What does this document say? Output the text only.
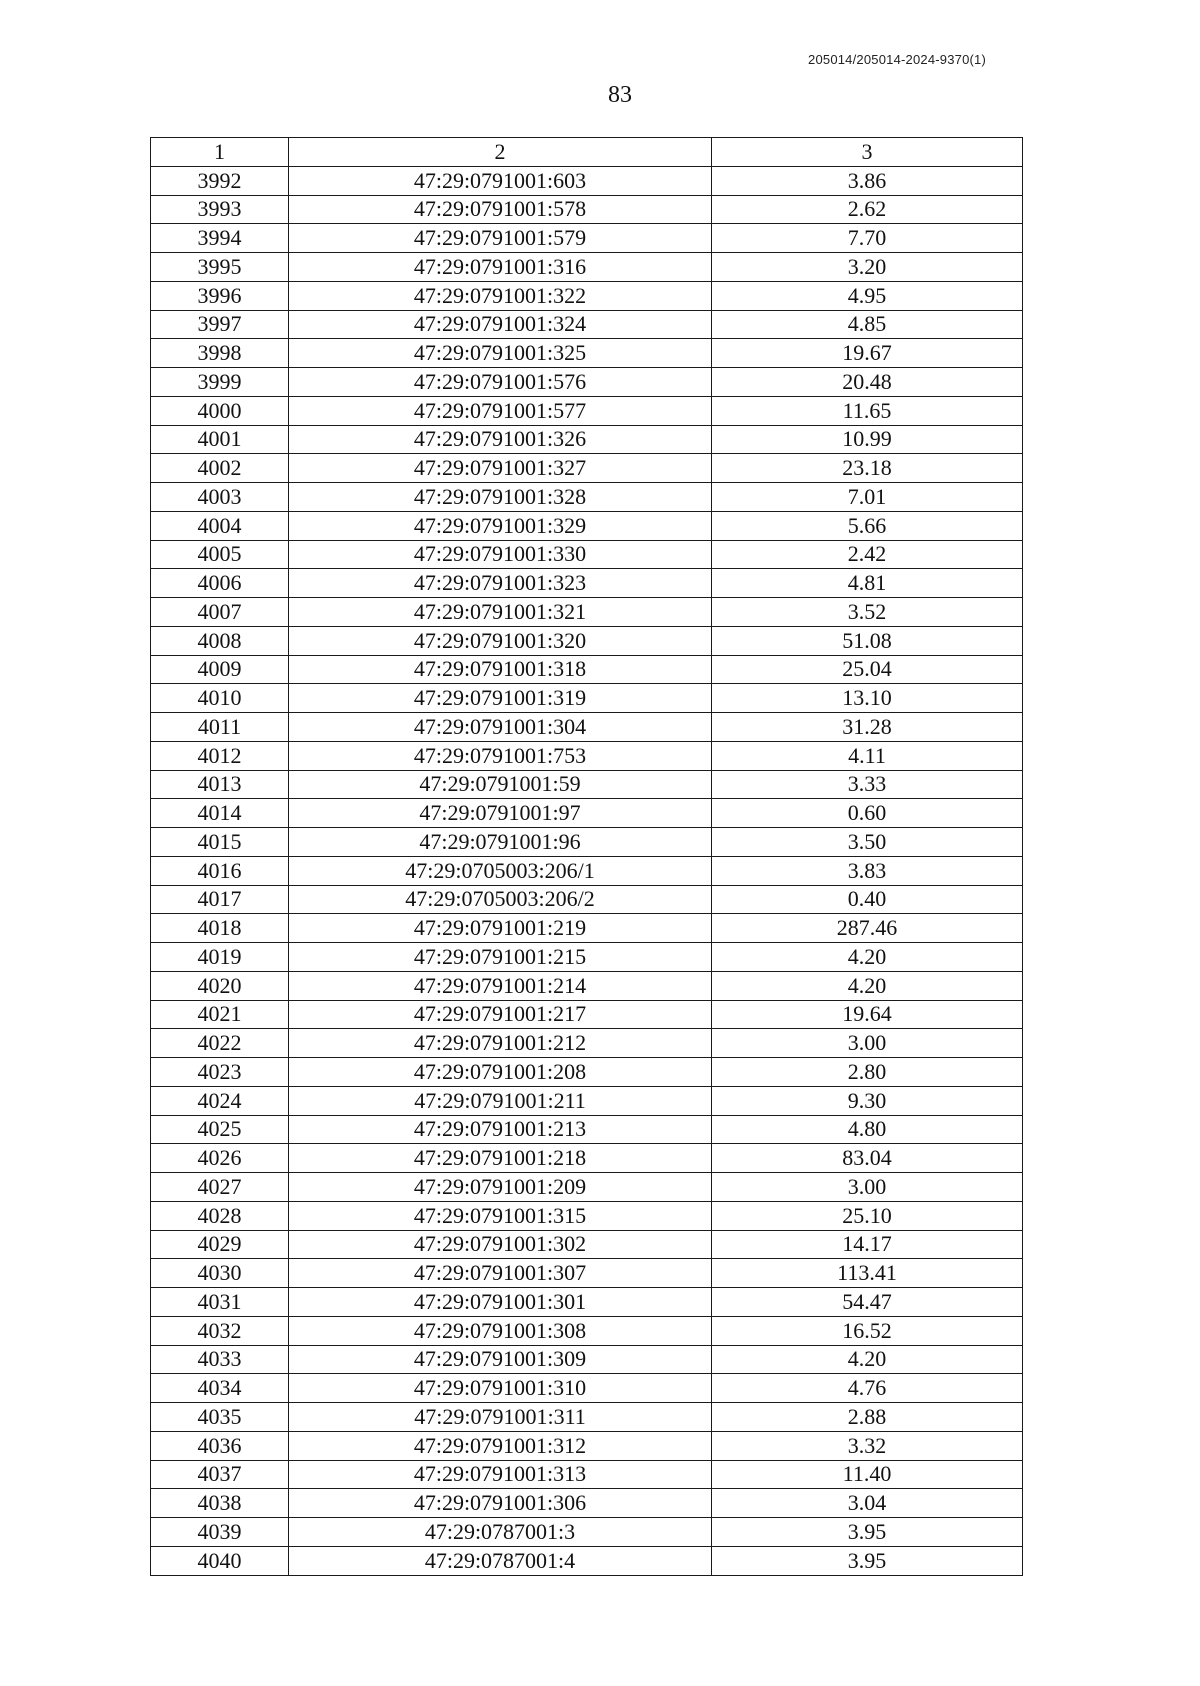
205014/205014-2024-9370(1)
83
1	2	3
3992	47:29:0791001:603	3.86
3993	47:29:0791001:578	2.62
3994	47:29:0791001:579	7.70
3995	47:29:0791001:316	3.20
3996	47:29:0791001:322	4.95
3997	47:29:0791001:324	4.85
3998	47:29:0791001:325	19.67
3999	47:29:0791001:576	20.48
4000	47:29:0791001:577	11.65
4001	47:29:0791001:326	10.99
4002	47:29:0791001:327	23.18
4003	47:29:0791001:328	7.01
4004	47:29:0791001:329	5.66
4005	47:29:0791001:330	2.42
4006	47:29:0791001:323	4.81
4007	47:29:0791001:321	3.52
4008	47:29:0791001:320	51.08
4009	47:29:0791001:318	25.04
4010	47:29:0791001:319	13.10
4011	47:29:0791001:304	31.28
4012	47:29:0791001:753	4.11
4013	47:29:0791001:59	3.33
4014	47:29:0791001:97	0.60
4015	47:29:0791001:96	3.50
4016	47:29:0705003:206/1	3.83
4017	47:29:0705003:206/2	0.40
4018	47:29:0791001:219	287.46
4019	47:29:0791001:215	4.20
4020	47:29:0791001:214	4.20
4021	47:29:0791001:217	19.64
4022	47:29:0791001:212	3.00
4023	47:29:0791001:208	2.80
4024	47:29:0791001:211	9.30
4025	47:29:0791001:213	4.80
4026	47:29:0791001:218	83.04
4027	47:29:0791001:209	3.00
4028	47:29:0791001:315	25.10
4029	47:29:0791001:302	14.17
4030	47:29:0791001:307	113.41
4031	47:29:0791001:301	54.47
4032	47:29:0791001:308	16.52
4033	47:29:0791001:309	4.20
4034	47:29:0791001:310	4.76
4035	47:29:0791001:311	2.88
4036	47:29:0791001:312	3.32
4037	47:29:0791001:313	11.40
4038	47:29:0791001:306	3.04
4039	47:29:0787001:3	3.95
4040	47:29:0787001:4	3.95
